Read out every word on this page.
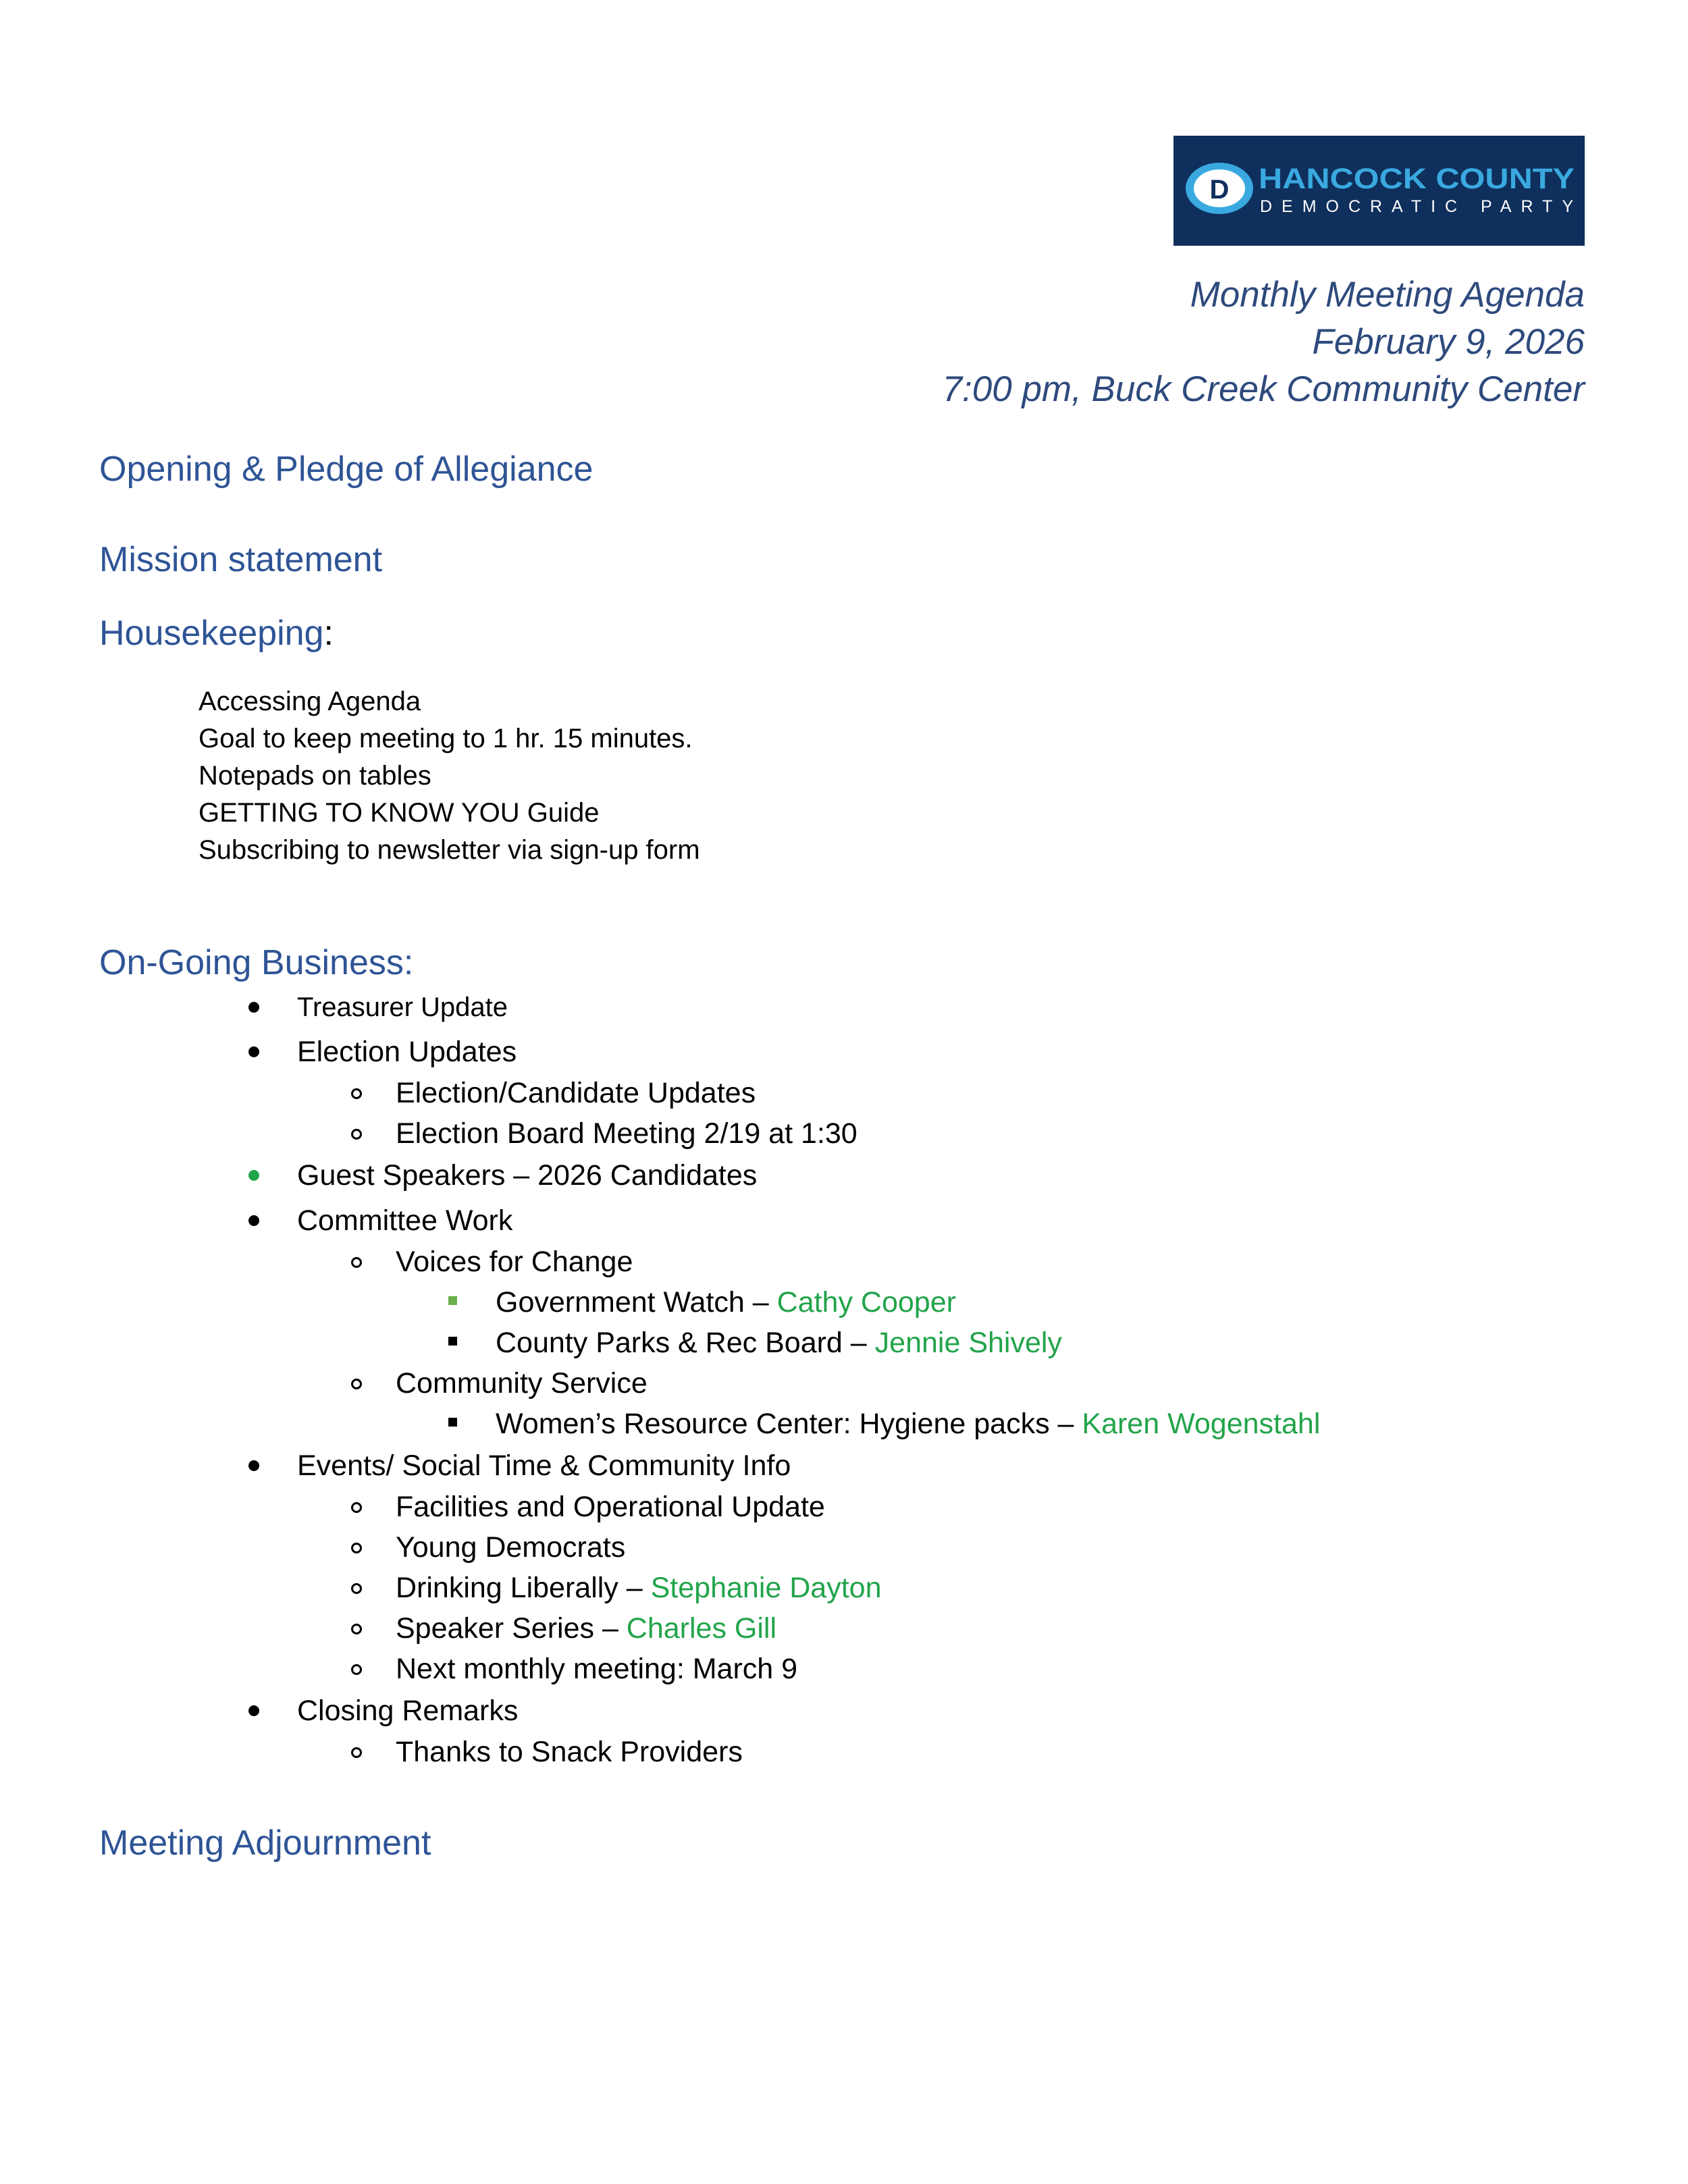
D HANCOCK COUNTY
DEMOCRATIC PARTY
Monthly Meeting Agenda
February 9, 2026
7:00 pm, Buck Creek Community Center
Opening & Pledge of Allegiance
Mission statement
Housekeeping:
Accessing Agenda
Goal to keep meeting to 1 hr. 15 minutes.
Notepads on tables
GETTING TO KNOW YOU Guide
Subscribing to newsletter via sign-up form
On-Going Business:
Treasurer Update
Election Updates
Election/Candidate Updates
Election Board Meeting 2/19 at 1:30
Guest Speakers – 2026 Candidates
Committee Work
Voices for Change
Government Watch – Cathy Cooper
County Parks & Rec Board – Jennie Shively
Community Service
Women’s Resource Center: Hygiene packs – Karen Wogenstahl
Events/ Social Time & Community Info
Facilities and Operational Update
Young Democrats
Drinking Liberally – Stephanie Dayton
Speaker Series – Charles Gill
Next monthly meeting: March 9
Closing Remarks
Thanks to Snack Providers
Meeting Adjournment
